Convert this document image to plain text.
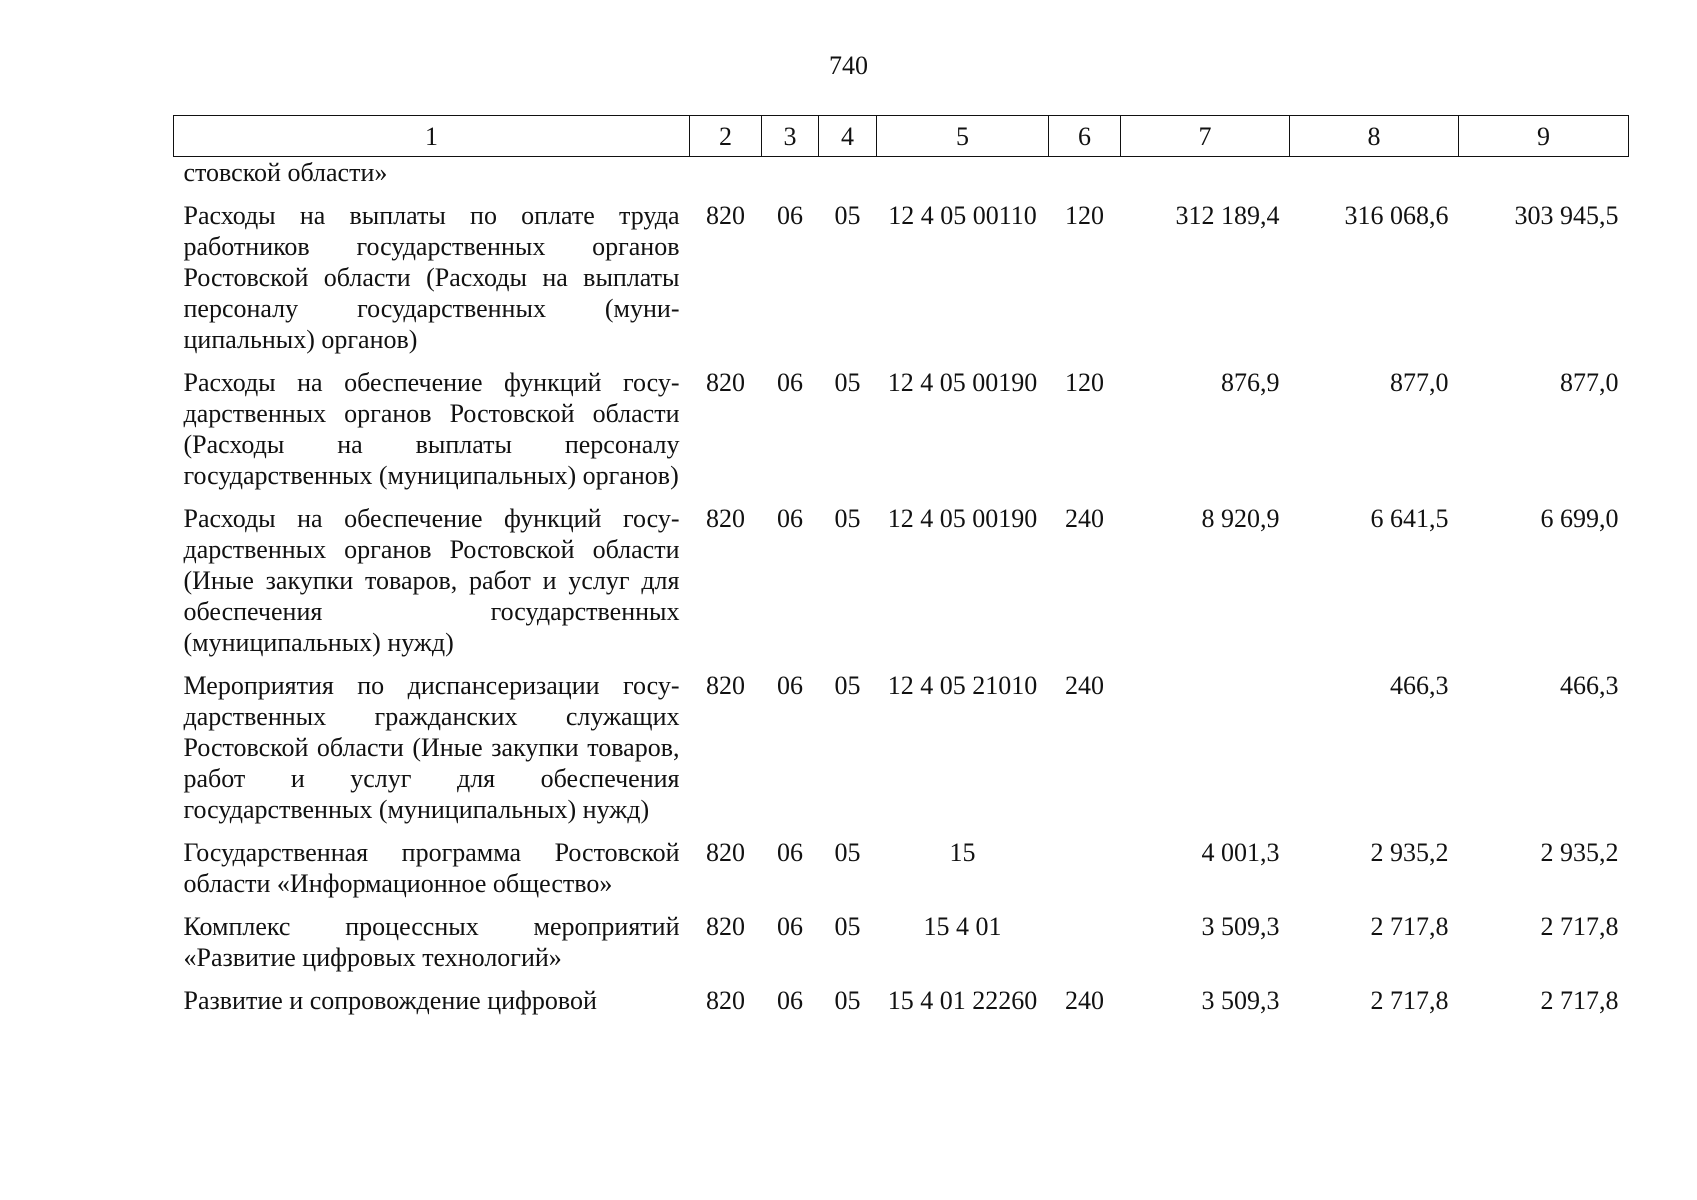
740
1	2	3	4	5	6	7	8	9
стовской области»								
Расходы на выплаты по оплате труда работников государственных органов Ростовской области (Расходы на выплаты персоналу государственных (муниципальных) органов)	820	06	05	12 4 05 00110	120	312 189,4	316 068,6	303 945,5
Расходы на обеспечение функций государственных органов Ростовской области (Расходы на выплаты персоналу государственных (муниципальных) органов)	820	06	05	12 4 05 00190	120	876,9	877,0	877,0
Расходы на обеспечение функций государственных органов Ростовской области (Иные закупки товаров, работ и услуг для обеспечения государственных (муниципальных) нужд)	820	06	05	12 4 05 00190	240	8 920,9	6 641,5	6 699,0
Мероприятия по диспансеризации государственных гражданских служащих Ростовской области (Иные закупки товаров, работ и услуг для обеспечения государственных (муниципальных) нужд)	820	06	05	12 4 05 21010	240		466,3	466,3
Государственная программа Ростовской области «Информационное общество»	820	06	05	15		4 001,3	2 935,2	2 935,2
Комплекс процессных мероприятий «Развитие цифровых технологий»	820	06	05	15 4 01		3 509,3	2 717,8	2 717,8
Развитие и сопровождение цифровой	820	06	05	15 4 01 22260	240	3 509,3	2 717,8	2 717,8
